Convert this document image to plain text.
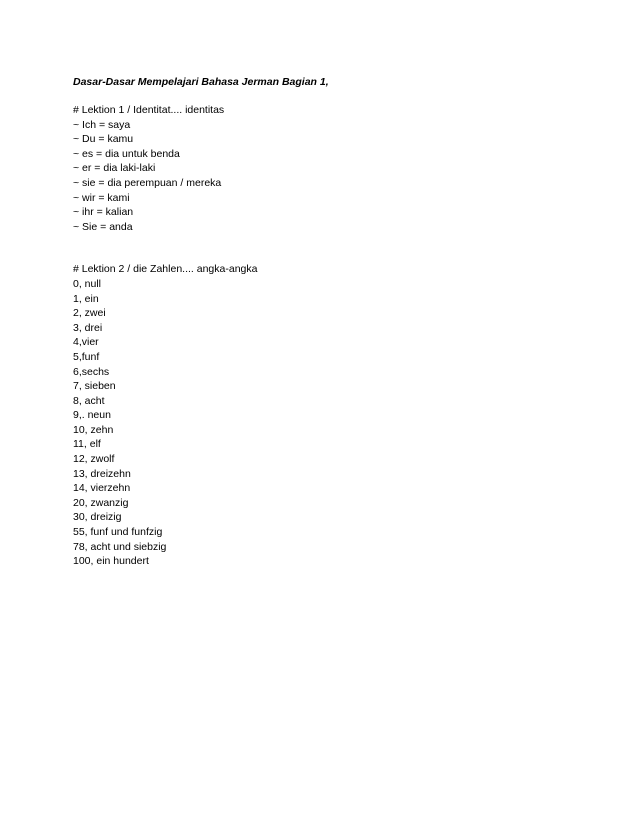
Dasar-Dasar Mempelajari Bahasa Jerman Bagian 1,
# Lektion 1 / Identitat.... identitas
~ Ich = saya
~ Du = kamu
~ es = dia untuk benda
~ er = dia laki-laki
~ sie = dia perempuan / mereka
~ wir = kami
~ ihr = kalian
~ Sie = anda
# Lektion 2 / die Zahlen.... angka-angka
0, null
1, ein
2, zwei
3, drei
4,vier
5,funf
6,sechs
7, sieben
8, acht
9,. neun
10, zehn
11, elf
12, zwolf
13, dreizehn
14, vierzehn
20, zwanzig
30, dreizig
55, funf und funfzig
78, acht und siebzig
100, ein hundert
